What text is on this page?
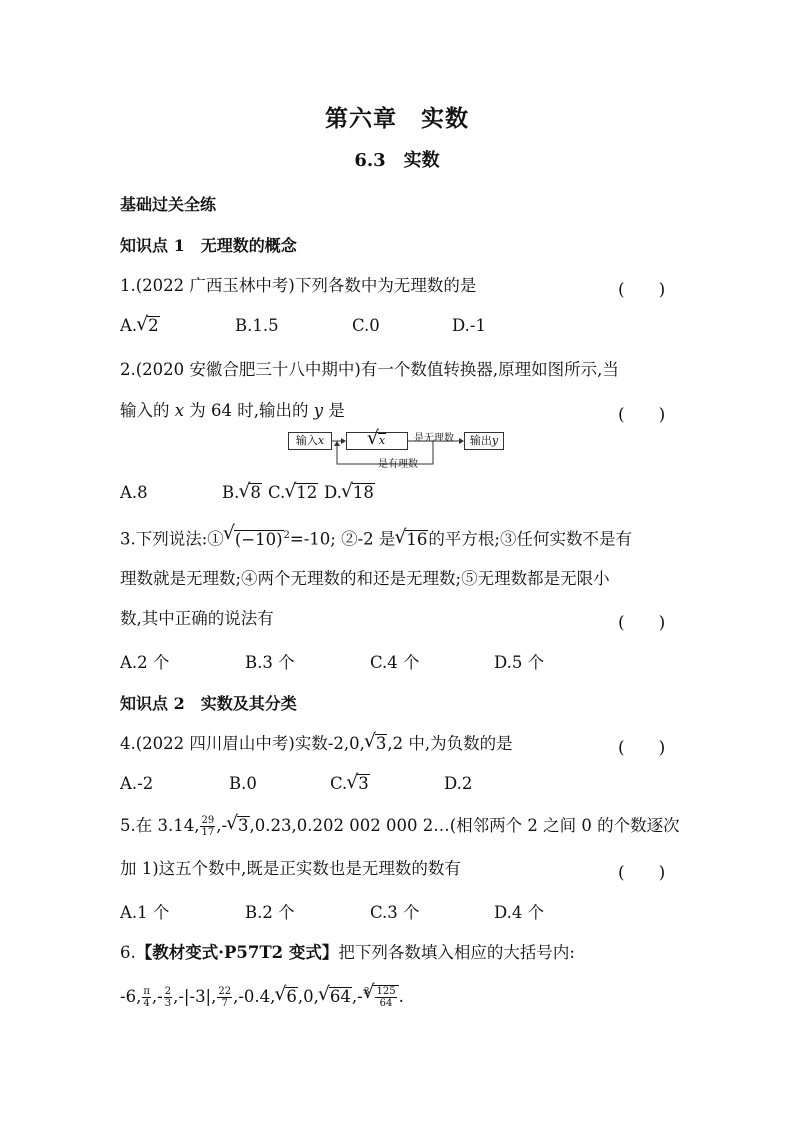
第六章　实数
6.3　实数
基础过关全练
知识点 1　无理数的概念
1.(2022 广西玉林中考)下列各数中为无理数的是	(　　)
A.√ 2	B.1.5	C.0	D.-1
2.(2020 安徽合肥三十八中期中)有一个数值转换器,原理如图所示,当
输入的 x 为 64 时,输出的 y 是	(　　)
输入x
√	x	输出y
是无理数
是有理数
A.8	B.√ 8 C.√ 12 D.√ 18
3.下列说法:①√ $(-10)^2=-10$; ②-2 是√ 16的平方根;③任何实数不是有
理数就是无理数;④两个无理数的和还是无理数;⑤无理数都是无限小
数,其中正确的说法有	(　　)
A.2 个	B.3 个	C.4 个	D.5 个
知识点 2　实数及其分类
4.(2022 四川眉山中考)实数-2,0,√ 3,2 中,为负数的是	(　　)
A.-2	B.0	C.√ 3	D.2
5.在 3.14, $\frac{29}{17}$ ,-√ 3,0.23,0.202 002 000 2…(相邻两个 2 之间 0 的个数逐次
加 1)这五个数中,既是正实数也是无理数的数有	(　　)
A.1 个	B.2 个	C.3 个	D.4 个
6.【教材变式·P57T2 变式】把下列各数填入相应的大括号内:
-6, $\frac{\pi}{4}$ ,- $\frac{2}{3} ,-|-3|$, $\frac{22}{7} ,-0.4,√$ 6,0,√ 64,-$^3$
√ $\frac{125}{64}$ .
